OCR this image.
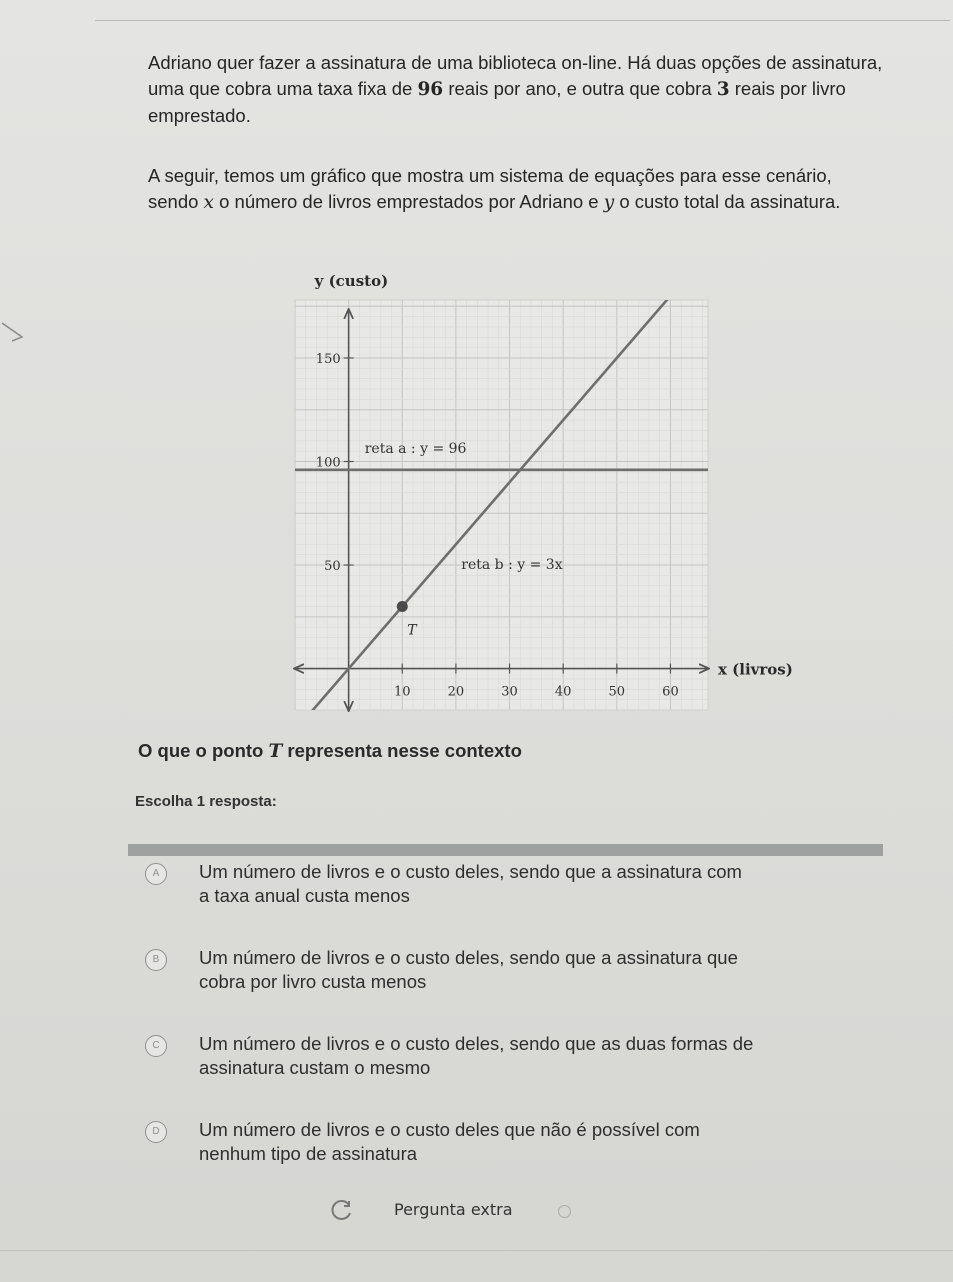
Adriano quer fazer a assinatura de uma biblioteca on-line. Há duas opções de assinatura, uma que cobra uma taxa fixa de 96 reais por ano, e outra que cobra 3 reais por livro emprestado.
A seguir, temos um gráfico que mostra um sistema de equações para esse cenário, sendo x o número de livros emprestados por Adriano e y o custo total da assinatura.
10	20	30	40	50	60
50
100
150
reta a : y = 96
reta b : y = 3x
T
y (custo)
x (livros)
O que o ponto T representa nesse contexto
Escolha 1 resposta:
A	Um número de livros e o custo deles, sendo que a assinatura com
a taxa anual custa menos
B	Um número de livros e o custo deles, sendo que a assinatura que
cobra por livro custa menos
C	Um número de livros e o custo deles, sendo que as duas formas de
assinatura custam o mesmo
D	Um número de livros e o custo deles que não é possível com
nenhum tipo de assinatura
Pergunta extra
